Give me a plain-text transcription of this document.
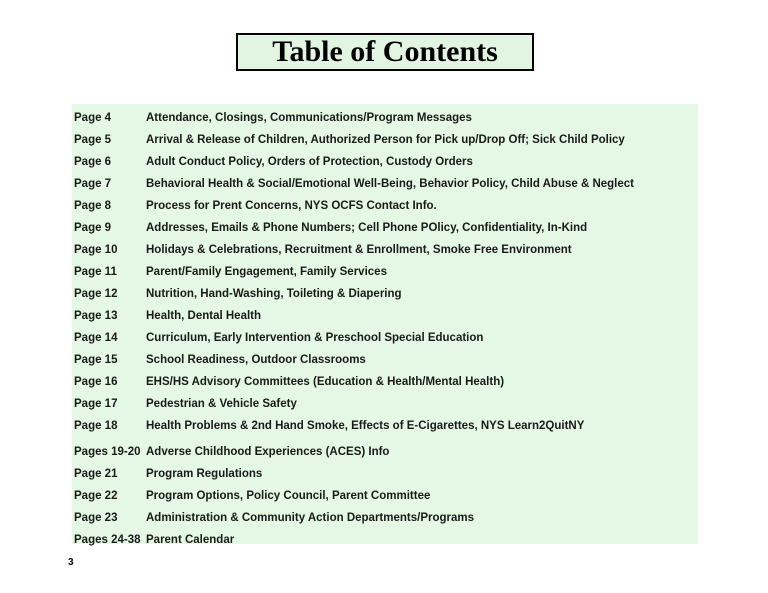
Table of Contents
Page 4	Attendance, Closings, Communications/Program Messages
Page 5	Arrival & Release of Children, Authorized Person for Pick up/Drop Off; Sick Child Policy
Page 6	Adult Conduct Policy, Orders of Protection, Custody Orders
Page 7	Behavioral Health & Social/Emotional Well-Being, Behavior Policy, Child Abuse & Neglect
Page 8	Process for Prent Concerns, NYS OCFS Contact Info.
Page 9	Addresses, Emails & Phone Numbers; Cell Phone POlicy, Confidentiality, In-Kind
Page 10	Holidays & Celebrations, Recruitment & Enrollment, Smoke Free Environment
Page 11	Parent/Family Engagement, Family Services
Page 12	Nutrition, Hand-Washing, Toileting & Diapering
Page 13	Health, Dental Health
Page 14	Curriculum, Early Intervention & Preschool Special Education
Page 15	School Readiness, Outdoor Classrooms
Page 16	EHS/HS Advisory Committees (Education & Health/Mental Health)
Page 17	Pedestrian & Vehicle Safety
Page 18	Health Problems & 2nd Hand Smoke, Effects of E-Cigarettes, NYS Learn2QuitNY
Pages 19-20 Adverse Childhood Experiences (ACES) Info
Page 21	Program Regulations
Page 22	Program Options, Policy Council, Parent Committee
Page 23	Administration & Community Action Departments/Programs
Pages 24-38 Parent Calendar
3
